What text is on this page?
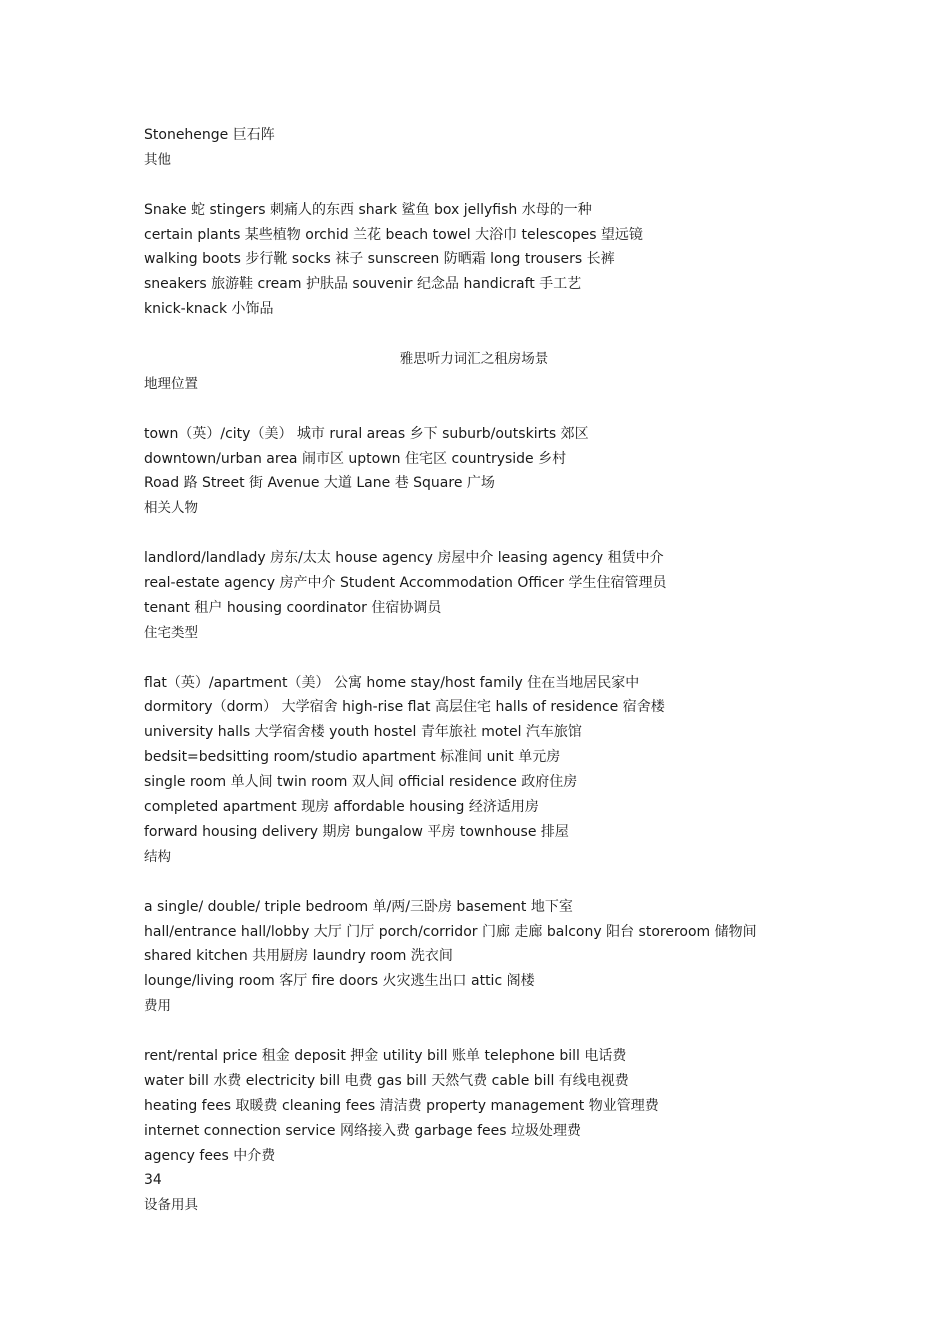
Stonehenge 巨石阵
其他
Snake 蛇 stingers 刺痛人的东西 shark 鲨鱼 box jellyfish 水母的一种
certain plants 某些植物 orchid 兰花 beach towel 大浴巾 telescopes 望远镜
walking boots 步行靴 socks 袜子 sunscreen 防晒霜 long trousers 长裤
sneakers 旅游鞋 cream 护肤品 souvenir 纪念品 handicraft 手工艺
knick-knack 小饰品
雅思听力词汇之租房场景
地理位置
town（英）/city（美） 城市 rural areas 乡下 suburb/outskirts 郊区
downtown/urban area 闹市区 uptown 住宅区 countryside 乡村
Road 路 Street 街 Avenue 大道 Lane 巷 Square 广场
相关人物
landlord/landlady 房东/太太 house agency 房屋中介 leasing agency 租赁中介
real-estate agency 房产中介 Student Accommodation Officer 学生住宿管理员
tenant 租户 housing coordinator 住宿协调员
住宅类型
flat（英）/apartment（美） 公寓 home stay/host family 住在当地居民家中
dormitory（dorm） 大学宿舍 high-rise flat 高层住宅 halls of residence 宿舍楼
university halls 大学宿舍楼 youth hostel 青年旅社 motel 汽车旅馆
bedsit=bedsitting room/studio apartment 标准间 unit 单元房
single room 单人间 twin room 双人间 official residence 政府住房
completed apartment 现房 affordable housing 经济适用房
forward housing delivery 期房 bungalow 平房 townhouse 排屋
结构
a single/ double/ triple bedroom 单/两/三卧房 basement 地下室
hall/entrance hall/lobby 大厅 门厅 porch/corridor 门廊 走廊 balcony 阳台 storeroom 储物间
shared kitchen 共用厨房 laundry room 洗衣间
lounge/living room 客厅 fire doors 火灾逃生出口 attic 阁楼
费用
rent/rental price 租金 deposit 押金 utility bill 账单 telephone bill 电话费
water bill 水费 electricity bill 电费 gas bill 天然气费 cable bill 有线电视费
heating fees 取暖费 cleaning fees 清洁费 property management 物业管理费
internet connection service 网络接入费 garbage fees 垃圾处理费
agency fees 中介费
34
设备用具
